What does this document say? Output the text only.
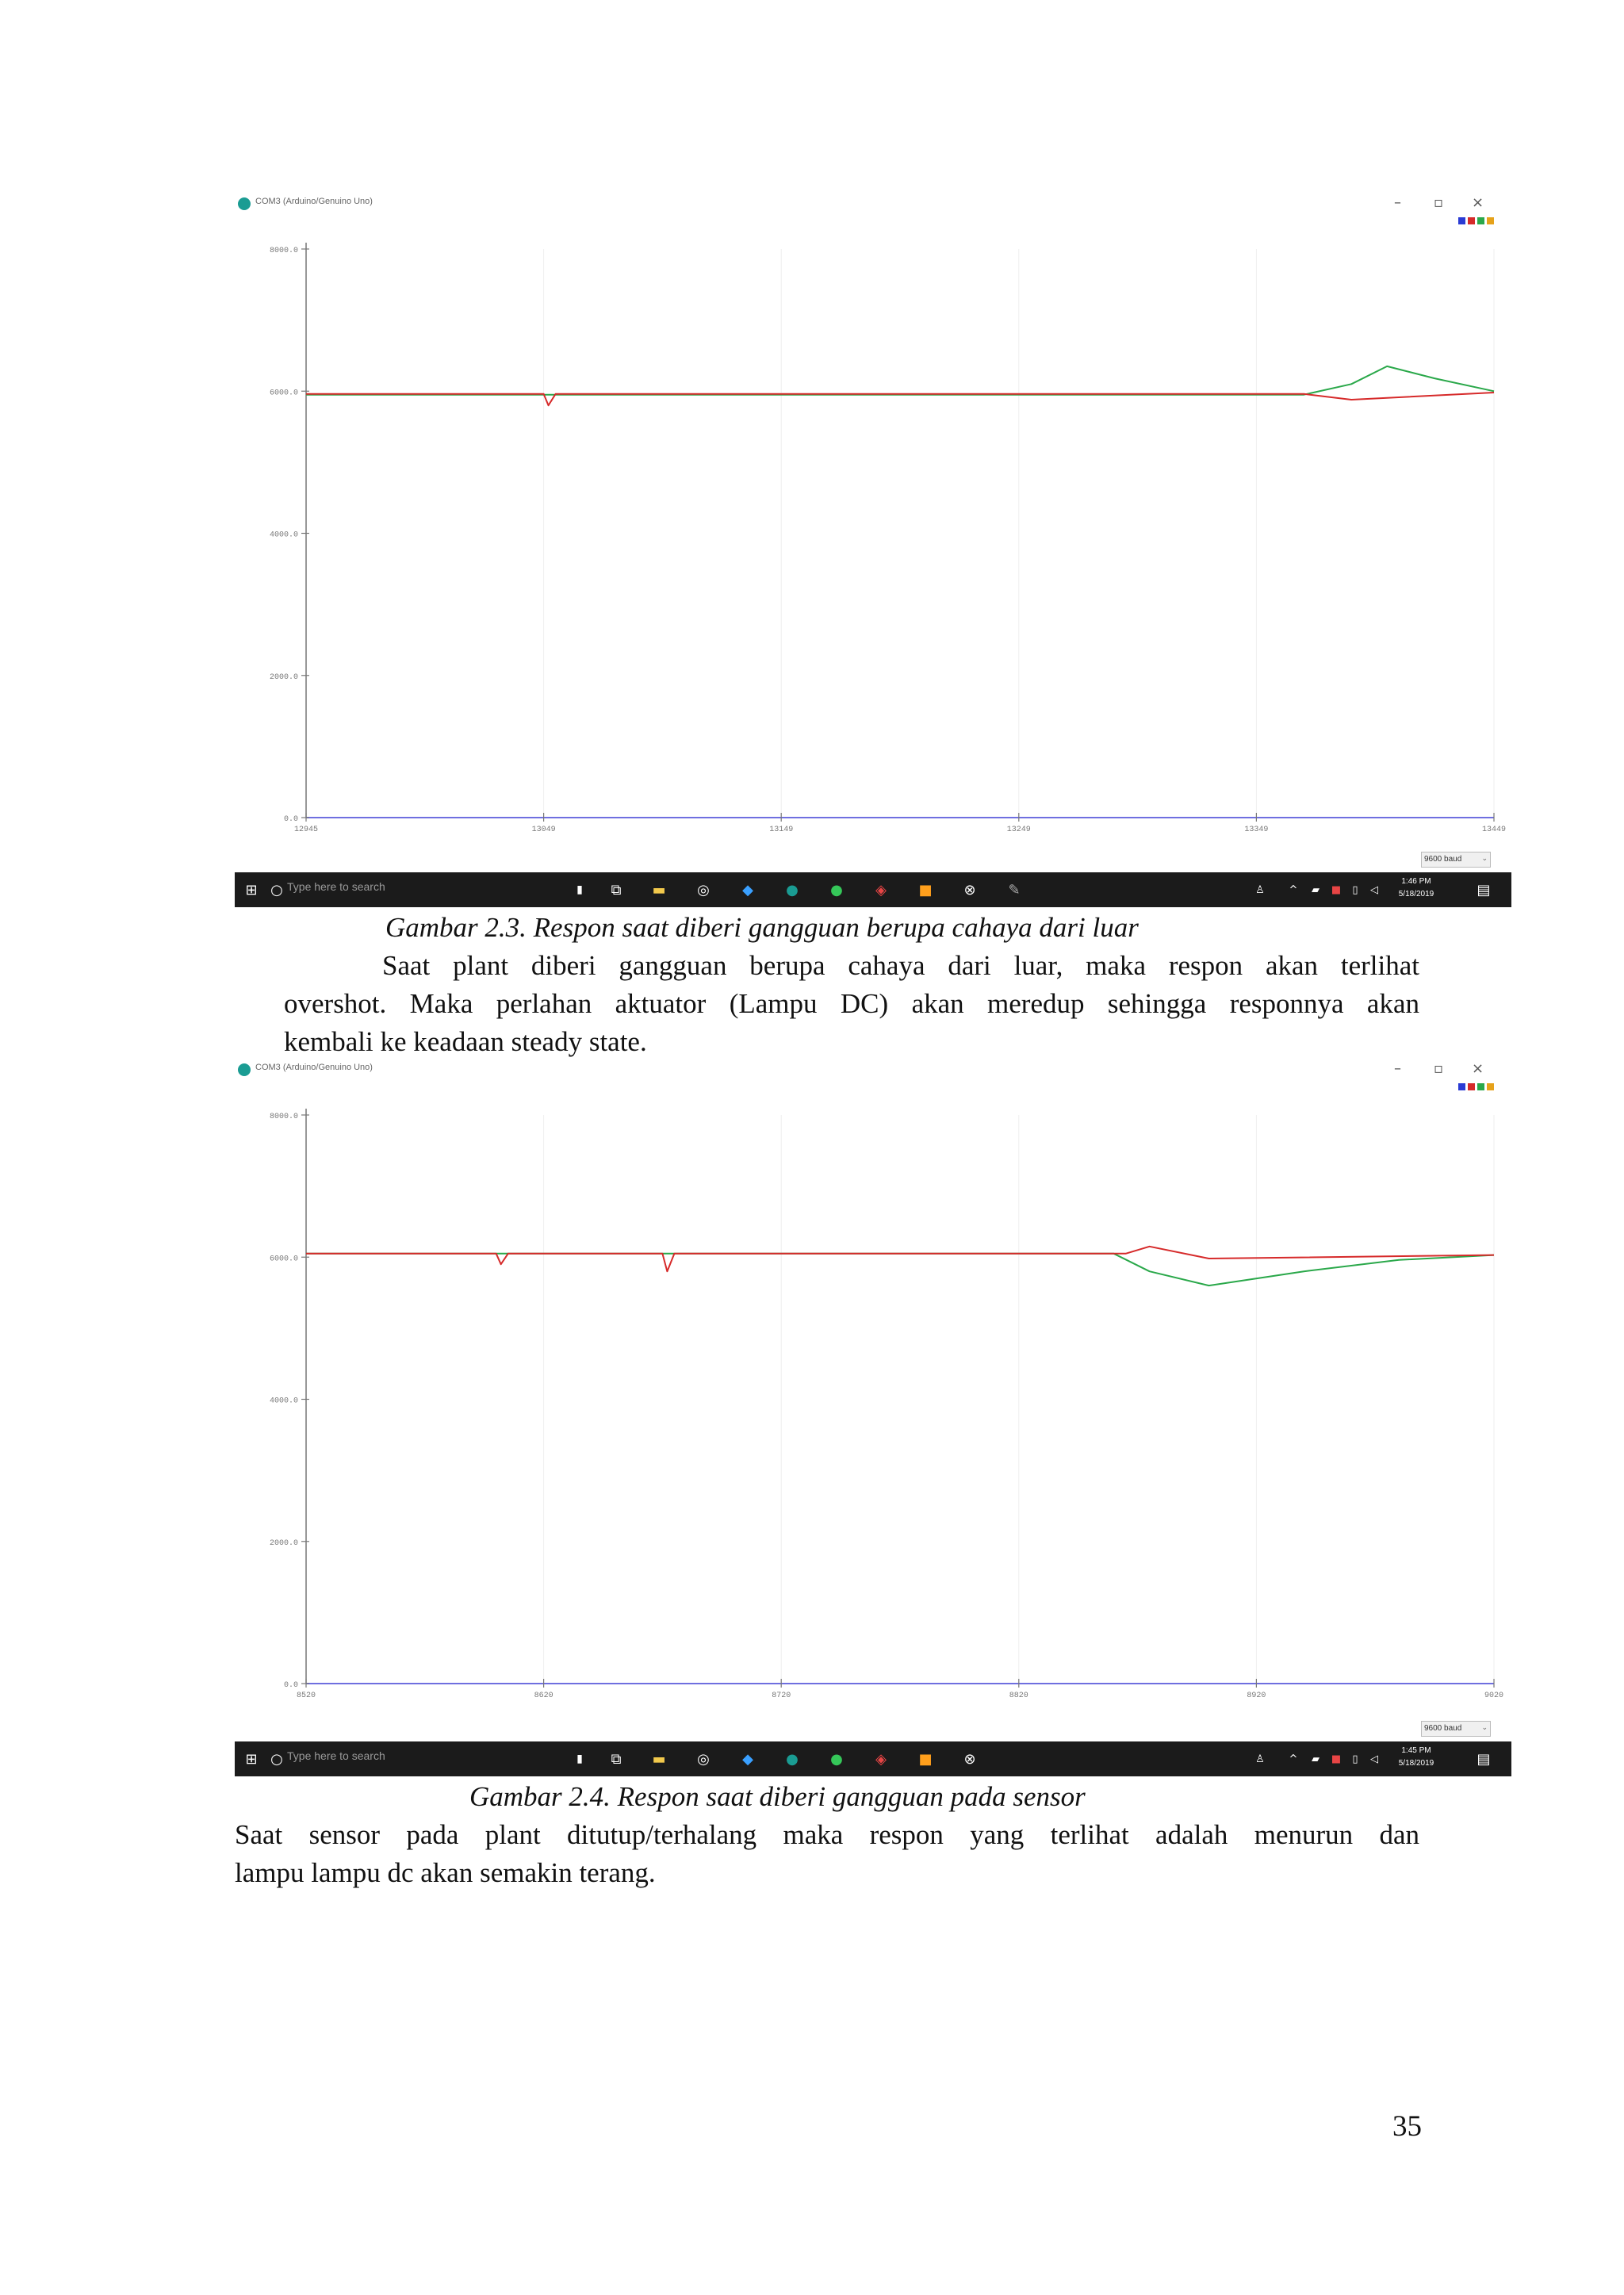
COM3 (Arduino/Genuino Uno)	– ▫ ×
0.0
2000.0
4000.0
6000.0
8000.0
12945	13049	13149	13249	13349	13449
9600 baud	⌄
⊞ ○ Type here to search	▮	⧉	▬ ◎	◆	● ●	◈	■	⊗	✎	♙	^	▰	■	▯	◁
1:46 PM
5/18/2019	▤
Gambar 2.3. Respon saat diberi gangguan berupa cahaya dari luar
Saat plant diberi gangguan berupa cahaya dari luar, maka respon akan terlihat
overshot. Maka perlahan aktuator (Lampu DC) akan meredup sehingga responnya akan
kembali ke keadaan steady state.
COM3 (Arduino/Genuino Uno)	– ▫ ×
0.0
2000.0
4000.0
6000.0
8000.0
8520	8620	8720	8820	8920	9020
9600 baud	⌄
⊞ ○ Type here to search	▮	⧉	▬ ◎	◆	● ●	◈	■	⊗	♙	^	▰	■	▯	◁
1:45 PM
5/18/2019	▤
Gambar 2.4. Respon saat diberi gangguan pada sensor
Saat sensor pada plant ditutup/terhalang maka respon yang terlihat adalah menurun dan
lampu lampu dc akan semakin terang.
35
